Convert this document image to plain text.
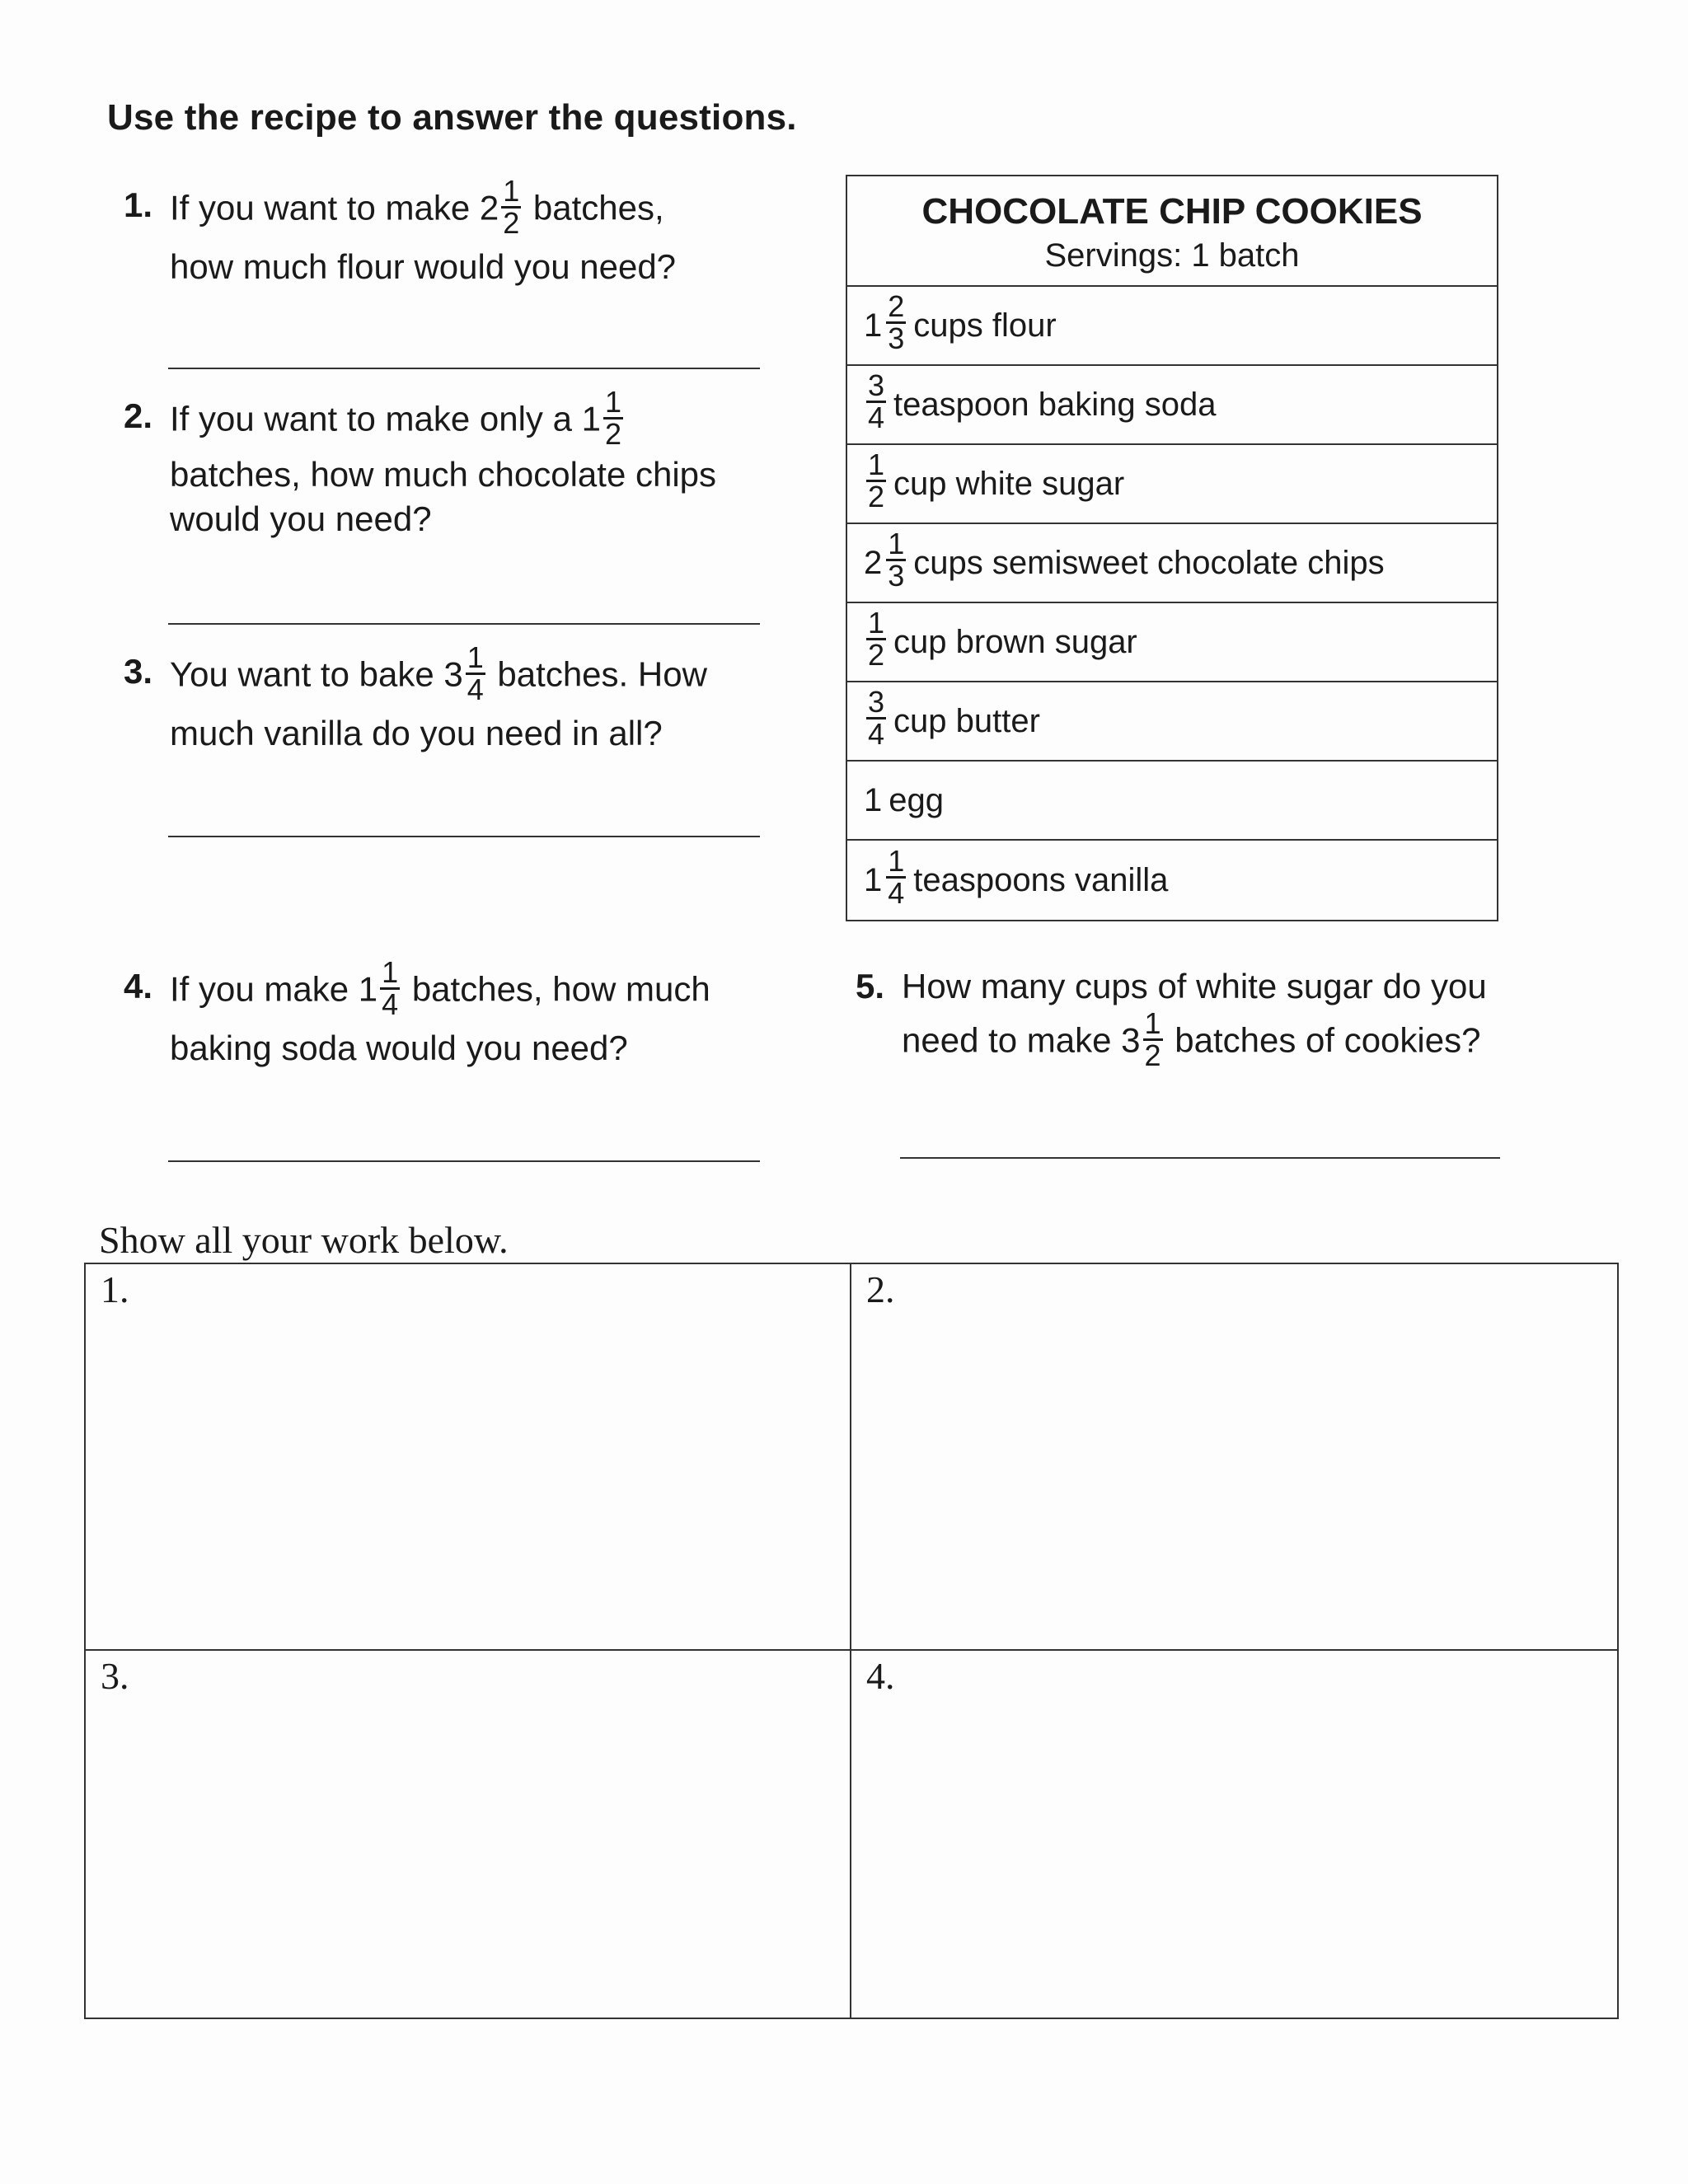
Use the recipe to answer the questions.
1. If you want to make $2 \frac{1}{2}$ batches,
how much flour would you need?
2. If you want to make only a $1 \frac{1}{2}$
batches, how much chocolate chips
would you need?
3. You want to bake $3 \frac{1}{4}$ batches. How
much vanilla do you need in all?
CHOCOLATE CHIP COOKIES
Servings: 1 batch
$1 \frac{2}{3}$ cups flour
$\frac{3}{4}$ teaspoon baking soda
$\frac{1}{2}$ cup white sugar
$2 \frac{1}{3}$ cups semisweet chocolate chips
$\frac{1}{2}$ cup brown sugar
$\frac{3}{4}$ cup butter
1 egg
$1 \frac{1}{4}$ teaspoons vanilla
4. If you make $1 \frac{1}{4}$ batches, how much
baking soda would you need?
5. How many cups of white sugar do you
need to make $3 \frac{1}{2}$ batches of cookies?
Show all your work below.
1.	2.
3.	4.
